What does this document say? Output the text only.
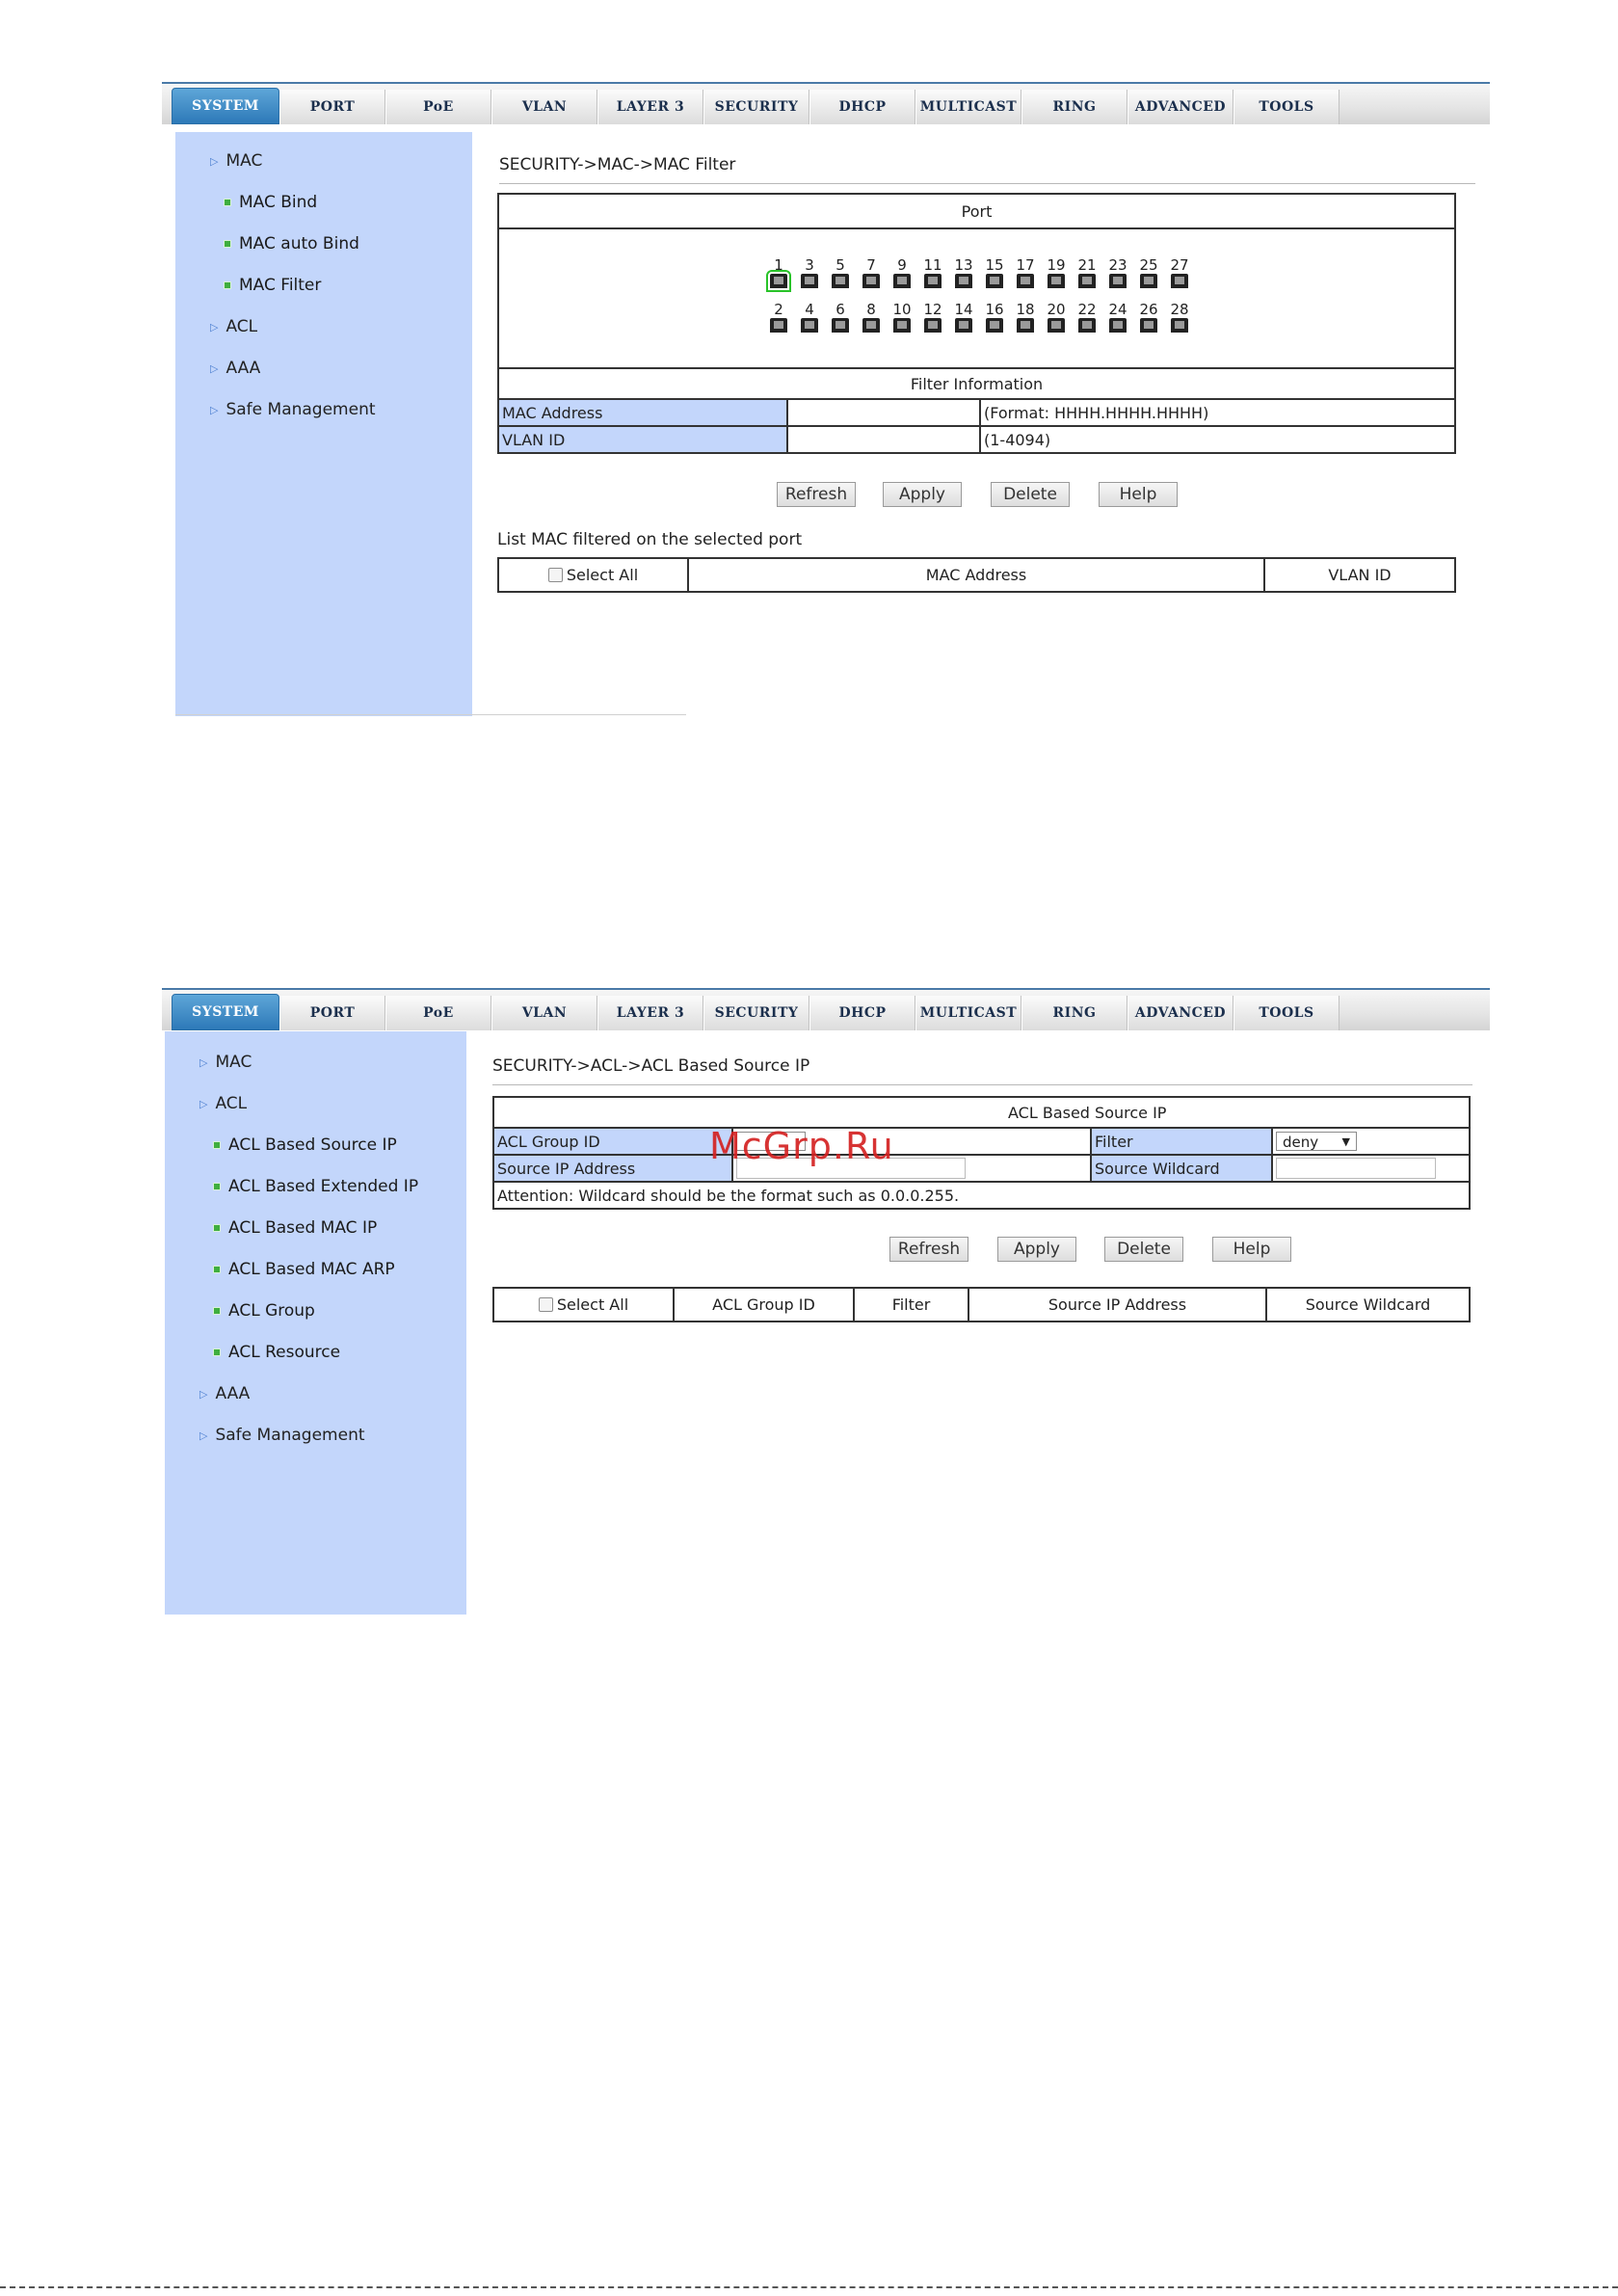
SYSTEM	PORT	PoE	VLAN	LAYER 3	SECURITY	DHCP	MULTICAST	RING	ADVANCED	TOOLS
▷ MAC
MAC Bind
MAC auto Bind
MAC Filter
▷ ACL
▷ AAA
▷ Safe Management
SECURITY->MAC->MAC Filter
Port

1	3	5	7	9	11 13 15 17 19 21 23 25 27
2	4	6	8	10 12 14 16 18 20 22 24 26 28
Filter Information		
MAC Address		(Format: HHHH.HHHH.HHHH)
VLAN ID		(1-4094)
Refresh	Apply	Delete	Help
List MAC filtered on the selected port
Select All	MAC Address	VLAN ID
SYSTEM	PORT	PoE	VLAN	LAYER 3	SECURITY	DHCP	MULTICAST	RING	ADVANCED	TOOLS
▷ MAC
▷ ACL
ACL Based Source IP
ACL Based Extended IP
ACL Based MAC IP
ACL Based MAC ARP
ACL Group
ACL Resource
▷ AAA
▷ Safe Management
SECURITY->ACL->ACL Based Source IP
ACL Based Source IP			
ACL Group ID		Filter	deny ▼

Source IP Address		Source Wildcard	
Attention: Wildcard should be the format such as 0.0.0.255.			
Refresh	Apply	Delete	Help
Select All	ACL Group ID	Filter	Source IP Address	Source Wildcard
McGrp.Ru
